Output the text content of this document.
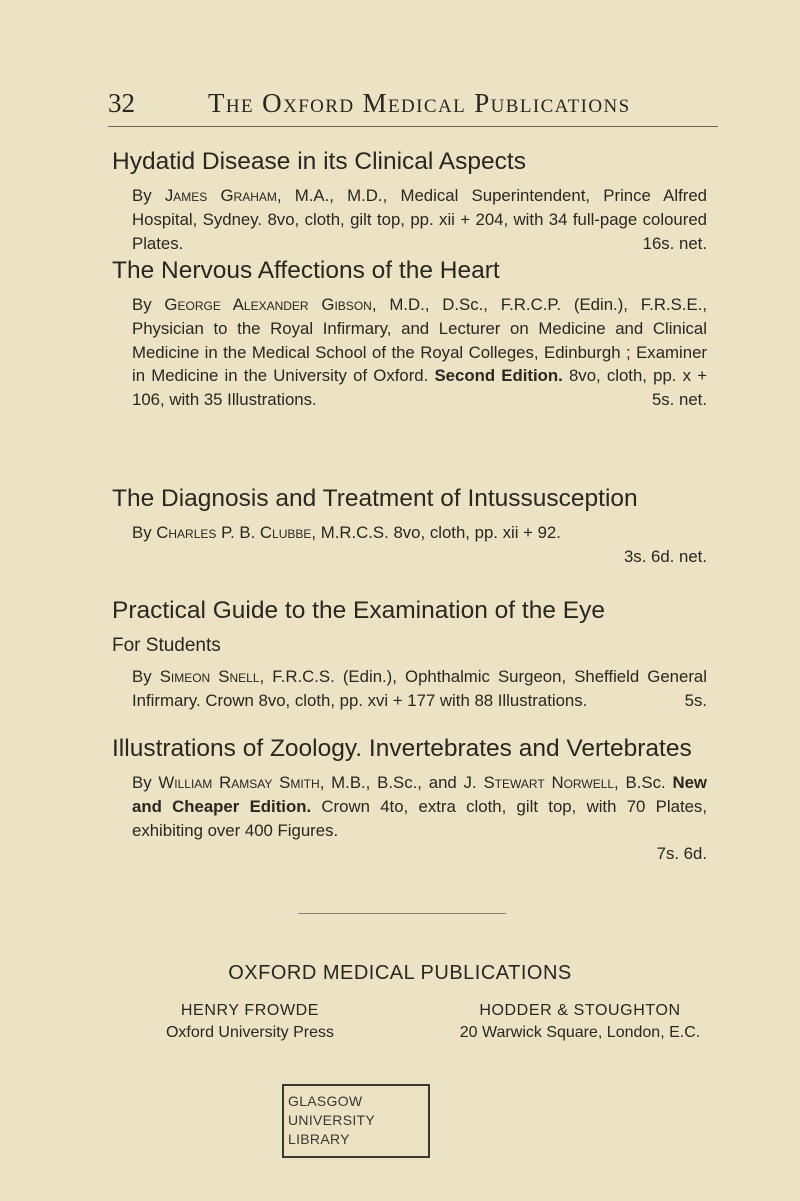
32	The Oxford Medical Publications
Hydatid Disease in its Clinical Aspects
By James Graham, M.A., M.D., Medical Superintendent, Prince Alfred Hospital, Sydney. 8vo, cloth, gilt top, pp. xii + 204, with 34 full-page coloured Plates.	16s. net.
The Nervous Affections of the Heart
By George Alexander Gibson, M.D., D.Sc., F.R.C.P. (Edin.), F.R.S.E., Physician to the Royal Infirmary, and Lecturer on Medicine and Clinical Medicine in the Medical School of the Royal Colleges, Edinburgh ; Examiner in Medicine in the University of Oxford. Second Edition. 8vo, cloth, pp. x + 106, with 35 Illustrations.	5s. net.
The Diagnosis and Treatment of Intussusception
By Charles P. B. Clubbe, M.R.C.S. 8vo, cloth, pp. xii + 92.
3s. 6d. net.
Practical Guide to the Examination of the Eye
For Students
By Simeon Snell, F.R.C.S. (Edin.), Ophthalmic Surgeon, Sheffield General Infirmary. Crown 8vo, cloth, pp. xvi + 177 with 88 Illustrations.	5s.
Illustrations of Zoology. Invertebrates and Vertebrates
By William Ramsay Smith, M.B., B.Sc., and J. Stewart Norwell, B.Sc. New and Cheaper Edition. Crown 4to, extra cloth, gilt top, with 70 Plates, exhibiting over 400 Figures.
7s. 6d.
OXFORD MEDICAL PUBLICATIONS
HENRY FROWDE
Oxford University Press
HODDER & STOUGHTON
20 Warwick Square, London, E.C.
GLASGOW
UNIVERSITY
LIBRARY
